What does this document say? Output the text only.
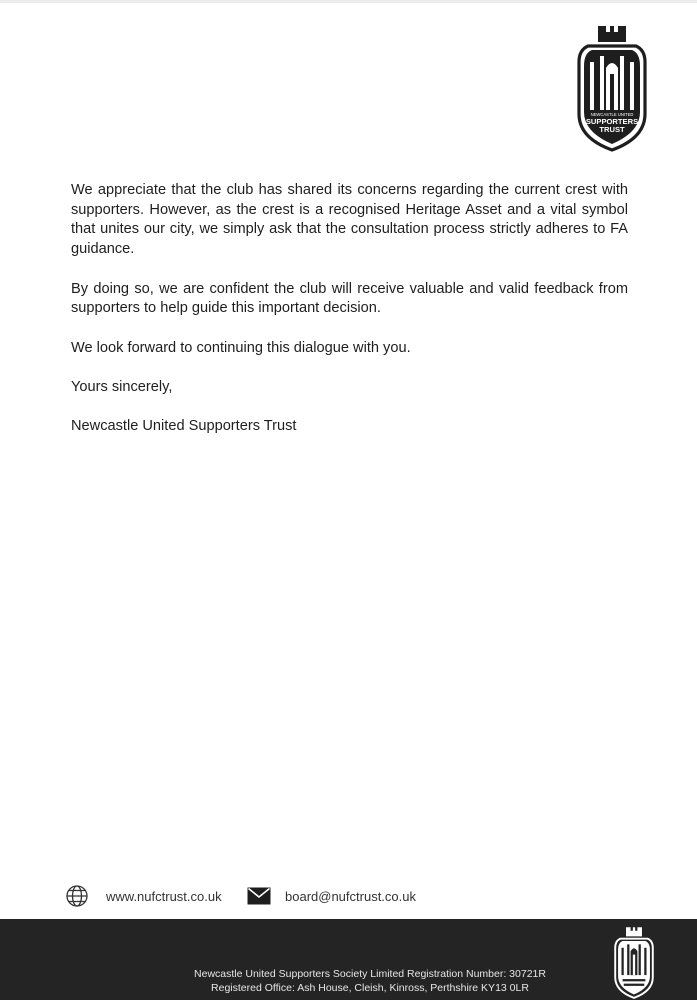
NEWCASTLE UNITED
SUPPORTERS
TRUST

We appreciate that the club has shared its concerns regarding the current crest with supporters. However, as the crest is a recognised Heritage Asset and a vital symbol that unites our city, we simply ask that the consultation process strictly adheres to FA guidance.

By doing so, we are confident the club will receive valuable and valid feedback from supporters to help guide this important decision.

We look forward to continuing this dialogue with you.

Yours sincerely,

Newcastle United Supporters Trust

www.nufctrust.co.uk	board@nufctrust.co.uk
Newcastle United Supporters Society Limited Registration Number: 30721R
Registered Office: Ash House, Cleish, Kinross, Perthshire KY13 0LR
